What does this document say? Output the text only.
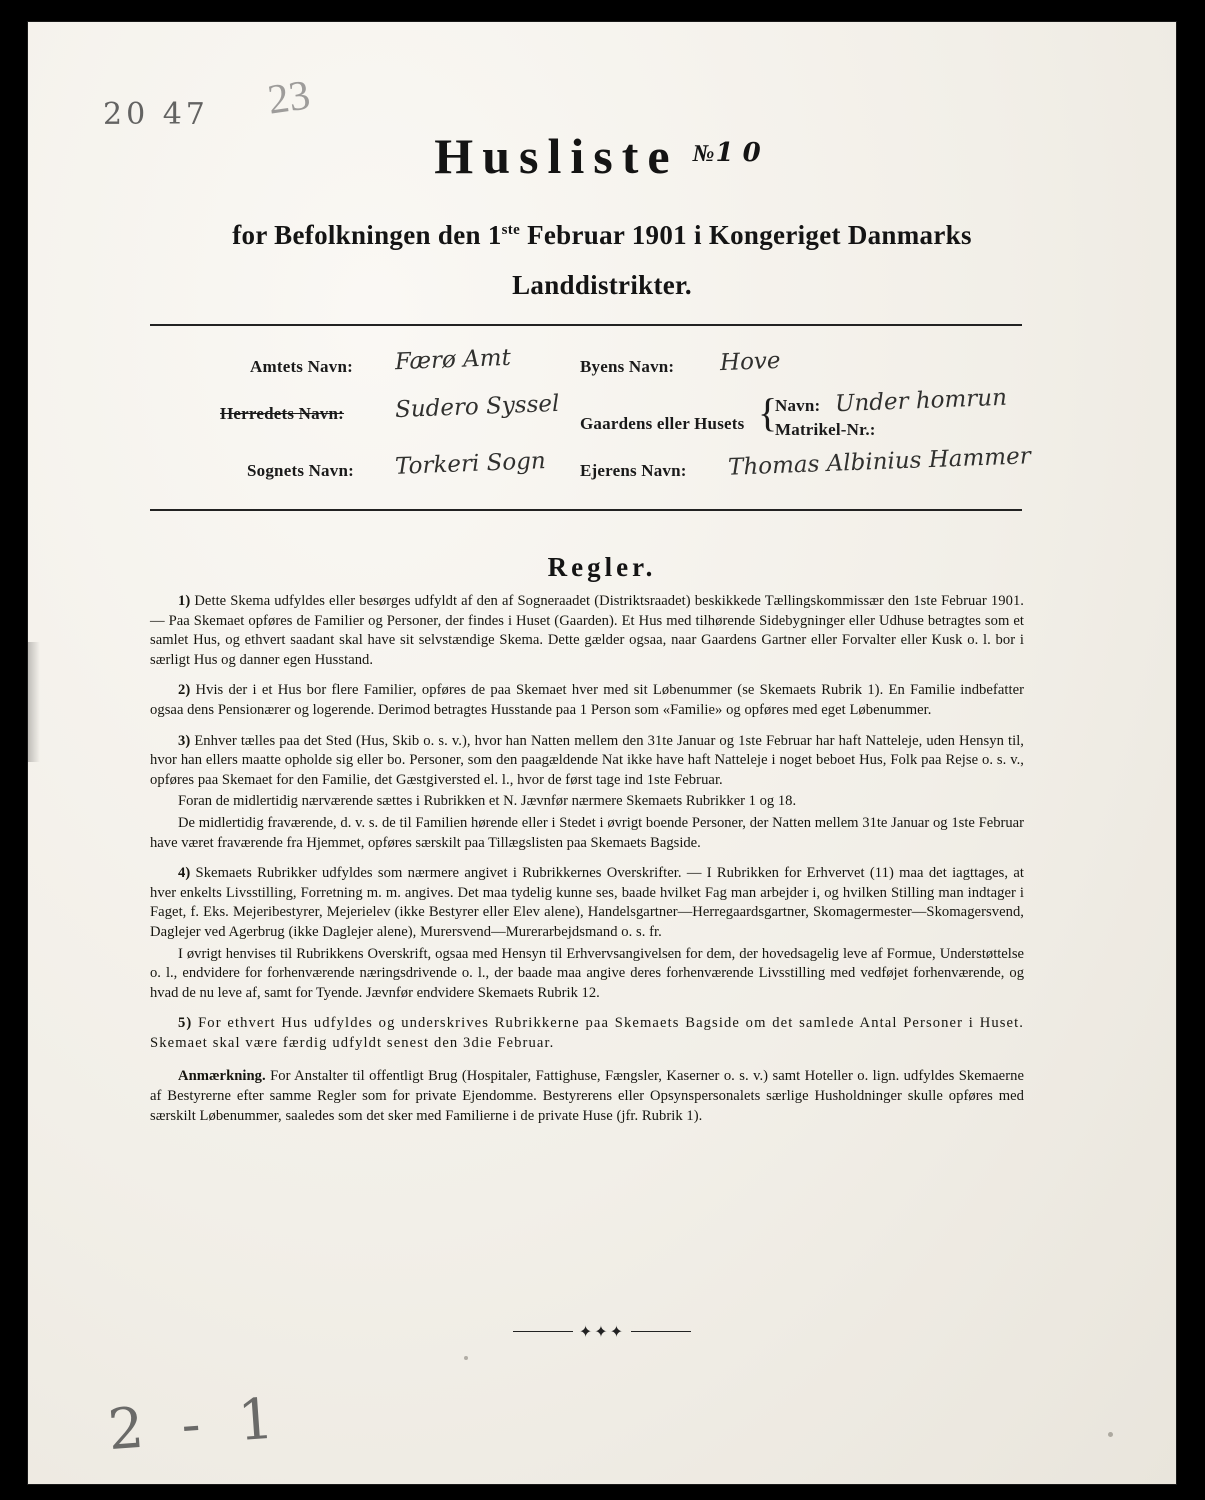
20 47 23
2 - 1
Husliste $^{№10}$
for Befolkningen den 1ste Februar 1901 i Kongeriget Danmarks
Landdistrikter.
Amtets Navn: Færø Amt	Byens Navn: Hove
Herredets Navn: Sudero Syssel
Gaardens eller Husets {
Navn: Under homrun
Matrikel-Nr.:
Sognets Navn: Torkeri Sogn Ejerens Navn: Thomas Albinius Hammer
Regler.

1) Dette Skema udfyldes eller besørges udfyldt af den af Sogneraadet (Distriktsraadet) beskikkede Tællingskommissær den 1ste Februar 1901. — Paa Skemaet opføres de Familier og Personer, der findes i Huset (Gaarden). Et Hus med tilhørende Sidebygninger eller Udhuse betragtes som et samlet Hus, og ethvert saadant skal have sit selvstændige Skema. Dette gælder ogsaa, naar Gaardens Gartner eller Forvalter eller Kusk o. l. bor i særligt Hus og danner egen Husstand.

2) Hvis der i et Hus bor flere Familier, opføres de paa Skemaet hver med sit Løbenummer (se Skemaets Rubrik 1). En Familie indbefatter ogsaa dens Pensionærer og logerende. Derimod betragtes Husstande paa 1 Person som «Familie» og opføres med eget Løbenummer.

3) Enhver tælles paa det Sted (Hus, Skib o. s. v.), hvor han Natten mellem den 31te Januar og 1ste Februar har haft Natteleje, uden Hensyn til, hvor han ellers maatte opholde sig eller bo. Personer, som den paagældende Nat ikke have haft Natteleje i noget beboet Hus, Folk paa Rejse o. s. v., opføres paa Skemaet for den Familie, det Gæstgiversted el. l., hvor de først tage ind 1ste Februar.

Foran de midlertidig nærværende sættes i Rubrikken et N. Jævnfør nærmere Skemaets Rubrikker 1 og 18.

De midlertidig fraværende, d. v. s. de til Familien hørende eller i Stedet i øvrigt boende Personer, der Natten mellem 31te Januar og 1ste Februar have været fraværende fra Hjemmet, opføres særskilt paa Tillægslisten paa Skemaets Bagside.

4) Skemaets Rubrikker udfyldes som nærmere angivet i Rubrikkernes Overskrifter. — I Rubrikken for Erhvervet (11) maa det iagttages, at hver enkelts Livsstilling, Forretning m. m. angives. Det maa tydelig kunne ses, baade hvilket Fag man arbejder i, og hvilken Stilling man indtager i Faget, f. Eks. Mejeribestyrer, Mejerielev (ikke Bestyrer eller Elev alene), Handelsgartner—Herregaardsgartner, Skomagermester—Skomagersvend, Daglejer ved Agerbrug (ikke Daglejer alene), Murersvend—Murerarbejdsmand o. s. fr.

I øvrigt henvises til Rubrikkens Overskrift, ogsaa med Hensyn til Erhvervsangivelsen for dem, der hovedsagelig leve af Formue, Understøttelse o. l., endvidere for forhenværende næringsdrivende o. l., der baade maa angive deres forhenværende Livsstilling med vedføjet forhenværende, og hvad de nu leve af, samt for Tyende. Jævnfør endvidere Skemaets Rubrik 12.

5) For ethvert Hus udfyldes og underskrives Rubrikkerne paa Skemaets Bagside om det samlede Antal Personer i Huset. Skemaet skal være færdig udfyldt senest den 3die Februar.

Anmærkning. For Anstalter til offentligt Brug (Hospitaler, Fattighuse, Fængsler, Kaserner o. s. v.) samt Hoteller o. lign. udfyldes Skemaerne af Bestyrerne efter samme Regler som for private Ejendomme. Bestyrerens eller Opsynspersonalets særlige Husholdninger skulle opføres med særskilt Løbenummer, saaledes som det sker med Familierne i de private Huse (jfr. Rubrik 1).

✦✦✦
